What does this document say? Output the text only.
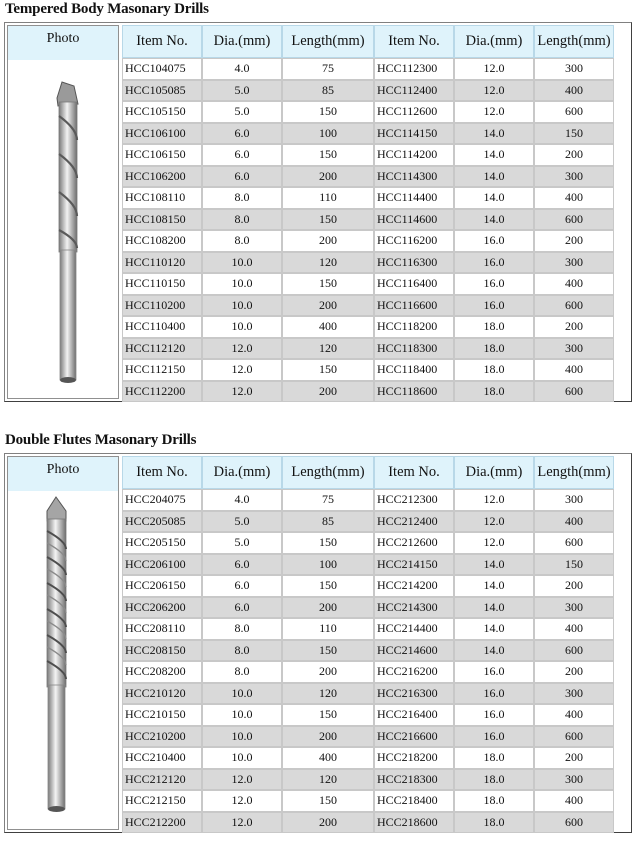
Tempered Body Masonary Drills
Photo	Item No.	Dia.(mm)	Length(mm)	Item No.	Dia.(mm)	Length(mm)
HCC104075	4.0	75	HCC112300	12.0	300
HCC105085	5.0	85	HCC112400	12.0	400
HCC105150	5.0	150	HCC112600	12.0	600
HCC106100	6.0	100	HCC114150	14.0	150
HCC106150	6.0	150	HCC114200	14.0	200
HCC106200	6.0	200	HCC114300	14.0	300
HCC108110	8.0	110	HCC114400	14.0	400
HCC108150	8.0	150	HCC114600	14.0	600
HCC108200	8.0	200	HCC116200	16.0	200
HCC110120	10.0	120	HCC116300	16.0	300
HCC110150	10.0	150	HCC116400	16.0	400
HCC110200	10.0	200	HCC116600	16.0	600
HCC110400	10.0	400	HCC118200	18.0	200
HCC112120	12.0	120	HCC118300	18.0	300
HCC112150	12.0	150	HCC118400	18.0	400
HCC112200	12.0	200	HCC118600	18.0	600
Double Flutes Masonary Drills
Photo	Item No.	Dia.(mm)	Length(mm)	Item No.	Dia.(mm)	Length(mm)
HCC204075	4.0	75	HCC212300	12.0	300
HCC205085	5.0	85	HCC212400	12.0	400
HCC205150	5.0	150	HCC212600	12.0	600
HCC206100	6.0	100	HCC214150	14.0	150
HCC206150	6.0	150	HCC214200	14.0	200
HCC206200	6.0	200	HCC214300	14.0	300
HCC208110	8.0	110	HCC214400	14.0	400
HCC208150	8.0	150	HCC214600	14.0	600
HCC208200	8.0	200	HCC216200	16.0	200
HCC210120	10.0	120	HCC216300	16.0	300
HCC210150	10.0	150	HCC216400	16.0	400
HCC210200	10.0	200	HCC216600	16.0	600
HCC210400	10.0	400	HCC218200	18.0	200
HCC212120	12.0	120	HCC218300	18.0	300
HCC212150	12.0	150	HCC218400	18.0	400
HCC212200	12.0	200	HCC218600	18.0	600
